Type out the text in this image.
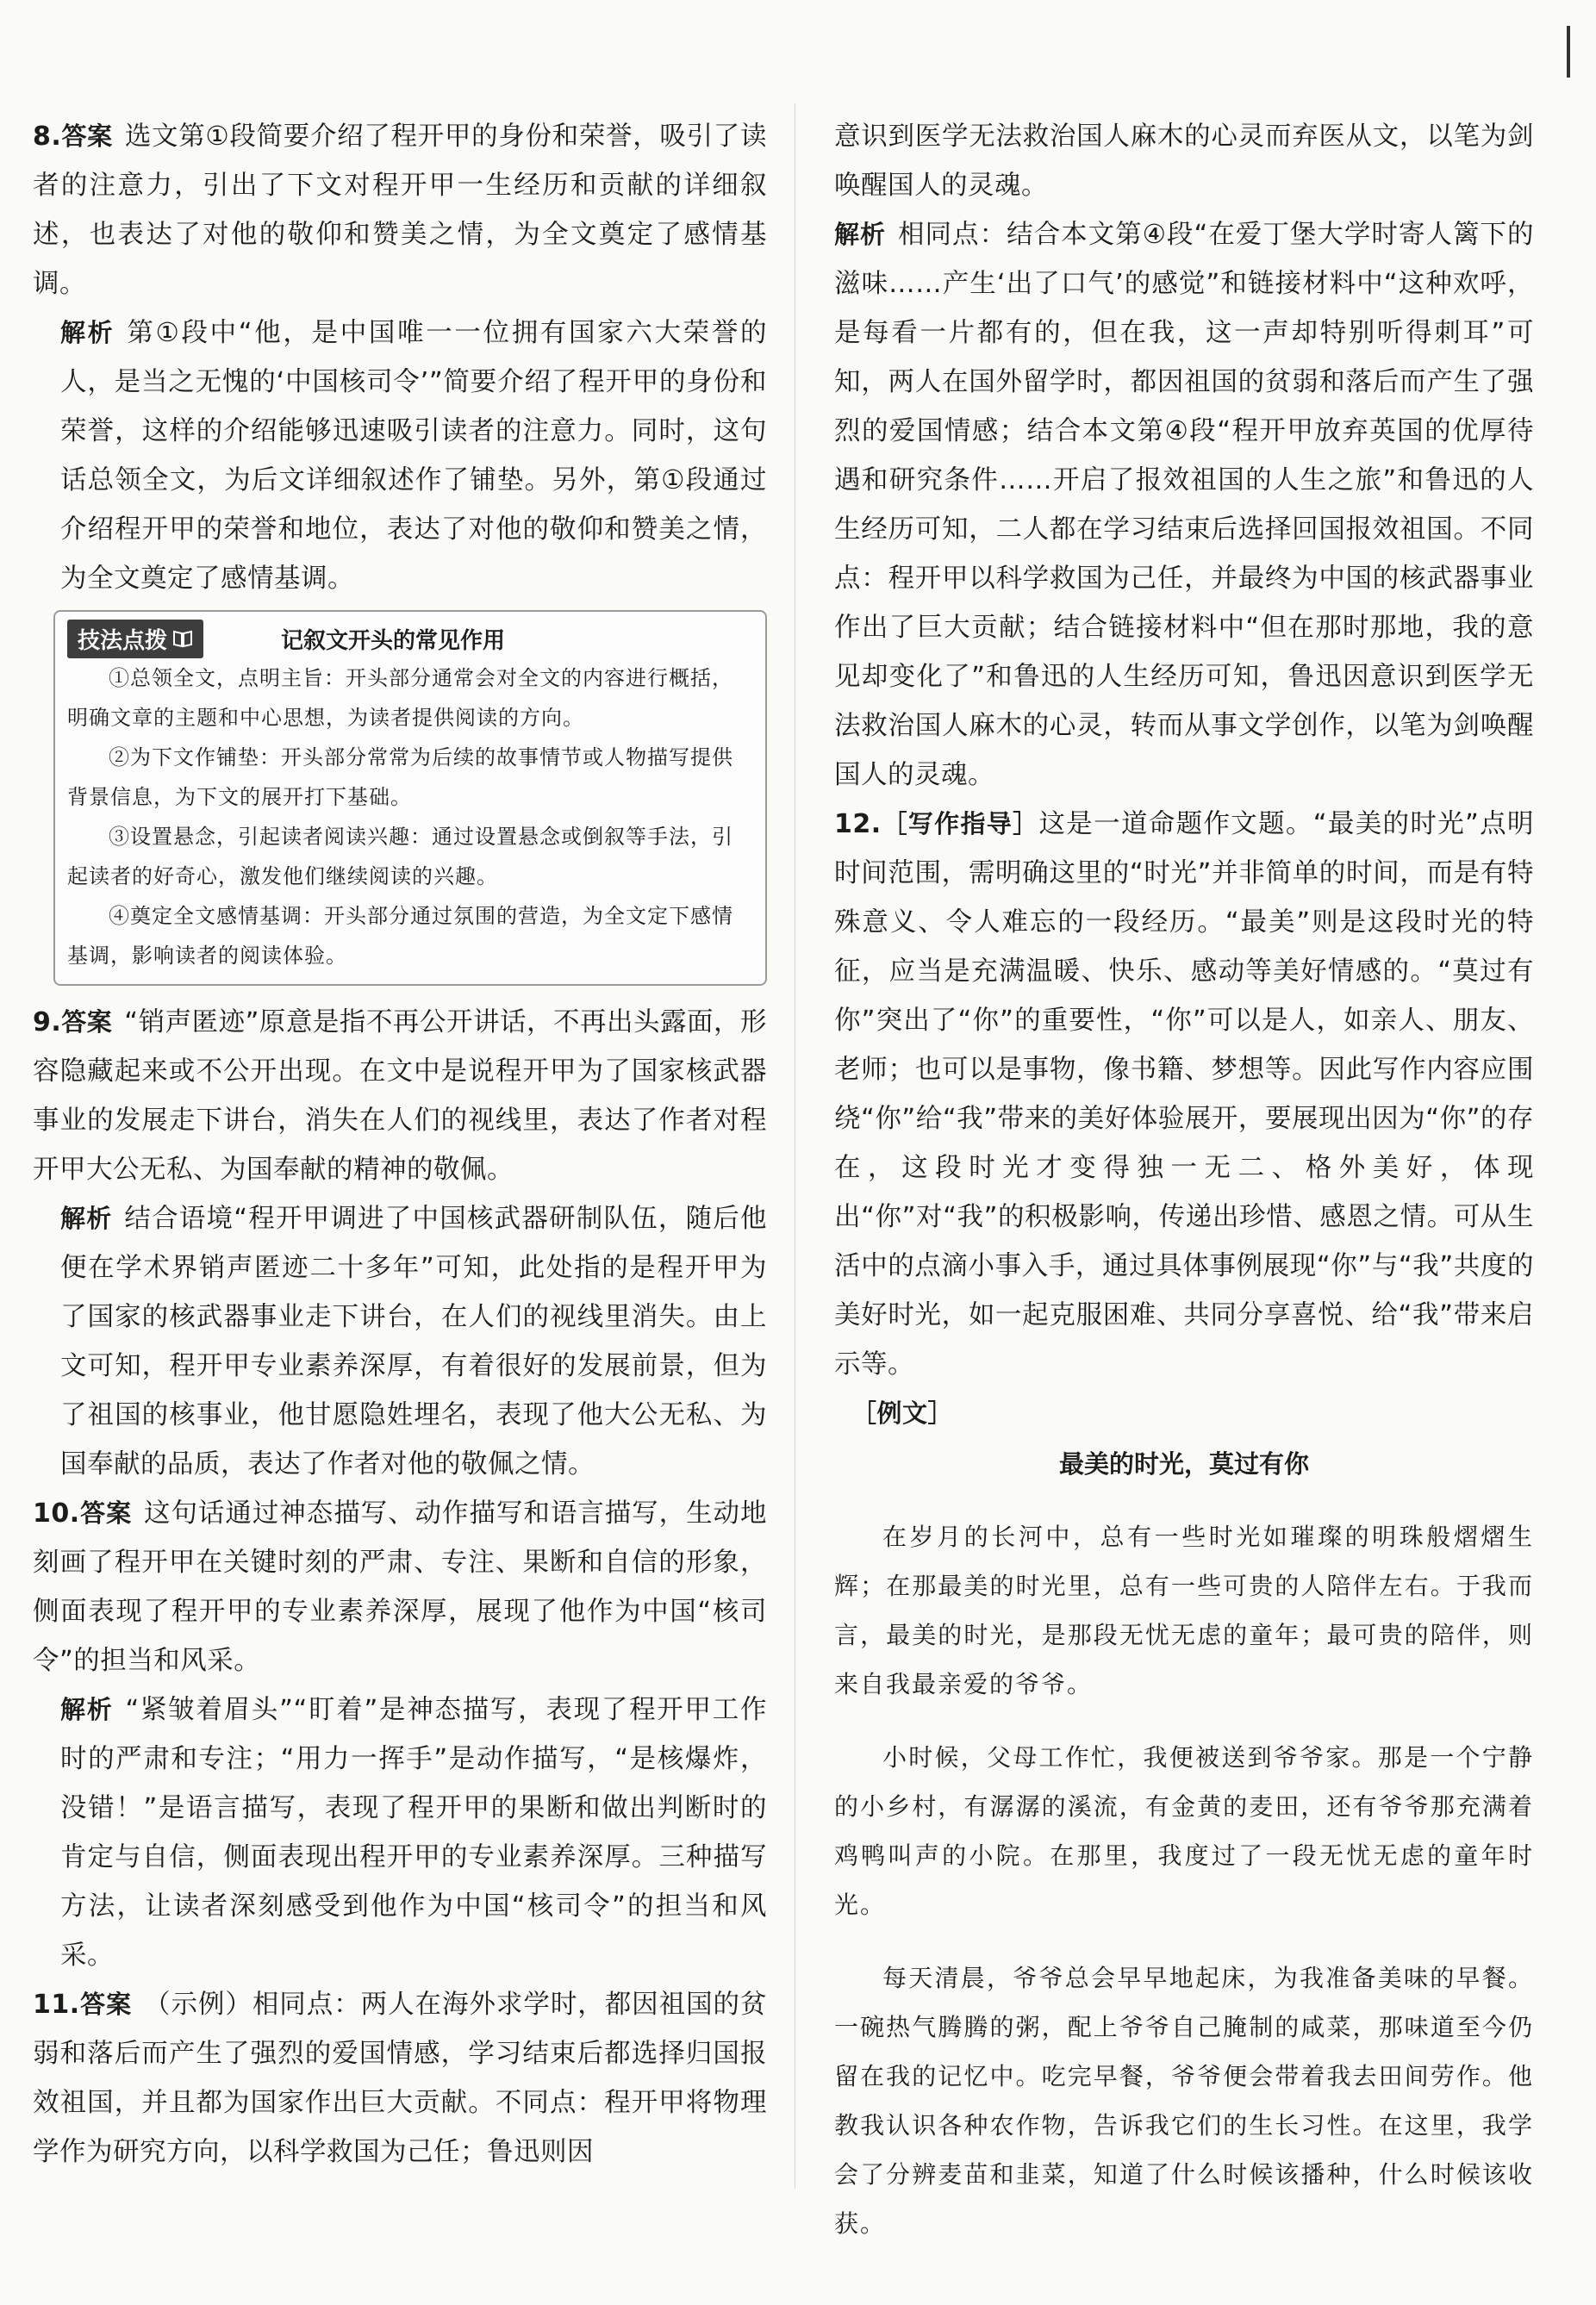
8.答案 选文第①段简要介绍了程开甲的身份和荣誉，吸引了读者的注意力，引出了下文对程开甲一生经历和贡献的详细叙述，也表达了对他的敬仰和赞美之情，为全文奠定了感情基调。

解析 第①段中“他，是中国唯一一位拥有国家六大荣誉的人，是当之无愧的‘中国核司令’”简要介绍了程开甲的身份和荣誉，这样的介绍能够迅速吸引读者的注意力。同时，这句话总领全文，为后文详细叙述作了铺垫。另外，第①段通过介绍程开甲的荣誉和地位，表达了对他的敬仰和赞美之情，为全文奠定了感情基调。

技法点拨	记叙文开头的常见作用
①总领全文，点明主旨：开头部分通常会对全文的内容进行概括，明确文章的主题和中心思想，为读者提供阅读的方向。
②为下文作铺垫：开头部分常常为后续的故事情节或人物描写提供背景信息，为下文的展开打下基础。
③设置悬念，引起读者阅读兴趣：通过设置悬念或倒叙等手法，引起读者的好奇心，激发他们继续阅读的兴趣。
④奠定全文感情基调：开头部分通过氛围的营造，为全文定下感情基调，影响读者的阅读体验。

9.答案 “销声匿迹”原意是指不再公开讲话，不再出头露面，形容隐藏起来或不公开出现。在文中是说程开甲为了国家核武器事业的发展走下讲台，消失在人们的视线里，表达了作者对程开甲大公无私、为国奉献的精神的敬佩。

解析 结合语境“程开甲调进了中国核武器研制队伍，随后他便在学术界销声匿迹二十多年”可知，此处指的是程开甲为了国家的核武器事业走下讲台，在人们的视线里消失。由上文可知，程开甲专业素养深厚，有着很好的发展前景，但为了祖国的核事业，他甘愿隐姓埋名，表现了他大公无私、为国奉献的品质，表达了作者对他的敬佩之情。

10.答案 这句话通过神态描写、动作描写和语言描写，生动地刻画了程开甲在关键时刻的严肃、专注、果断和自信的形象，侧面表现了程开甲的专业素养深厚，展现了他作为中国“核司令”的担当和风采。

解析 “紧皱着眉头”“盯着”是神态描写，表现了程开甲工作时的严肃和专注；“用力一挥手”是动作描写，“是核爆炸，没错！”是语言描写，表现了程开甲的果断和做出判断时的肯定与自信，侧面表现出程开甲的专业素养深厚。三种描写方法，让读者深刻感受到他作为中国“核司令”的担当和风采。

11.答案 （示例）相同点：两人在海外求学时，都因祖国的贫弱和落后而产生了强烈的爱国情感，学习结束后都选择归国报效祖国，并且都为国家作出巨大贡献。不同点：程开甲将物理学作为研究方向，以科学救国为己任；鲁迅则因

意识到医学无法救治国人麻木的心灵而弃医从文，以笔为剑唤醒国人的灵魂。

解析 相同点：结合本文第④段“在爱丁堡大学时寄人篱下的滋味……产生‘出了口气’的感觉”和链接材料中“这种欢呼，是每看一片都有的，但在我，这一声却特别听得刺耳”可知，两人在国外留学时，都因祖国的贫弱和落后而产生了强烈的爱国情感；结合本文第④段“程开甲放弃英国的优厚待遇和研究条件……开启了报效祖国的人生之旅”和鲁迅的人生经历可知，二人都在学习结束后选择回国报效祖国。不同点：程开甲以科学救国为己任，并最终为中国的核武器事业作出了巨大贡献；结合链接材料中“但在那时那地，我的意见却变化了”和鲁迅的人生经历可知，鲁迅因意识到医学无法救治国人麻木的心灵，转而从事文学创作，以笔为剑唤醒国人的灵魂。

12.［写作指导］这是一道命题作文题。“最美的时光”点明时间范围，需明确这里的“时光”并非简单的时间，而是有特殊意义、令人难忘的一段经历。“最美”则是这段时光的特征，应当是充满温暖、快乐、感动等美好情感的。“莫过有你”突出了“你”的重要性，“你”可以是人，如亲人、朋友、老师；也可以是事物，像书籍、梦想等。因此写作内容应围绕“你”给“我”带来的美好体验展开，要展现出因为“你”的存在，这段时光才变得独一无二、格外美好，体现出“你”对“我”的积极影响，传递出珍惜、感恩之情。可从生活中的点滴小事入手，通过具体事例展现“你”与“我”共度的美好时光，如一起克服困难、共同分享喜悦、给“我”带来启示等。

［例文］

最美的时光，莫过有你

在岁月的长河中，总有一些时光如璀璨的明珠般熠熠生辉；在那最美的时光里，总有一些可贵的人陪伴左右。于我而言，最美的时光，是那段无忧无虑的童年；最可贵的陪伴，则来自我最亲爱的爷爷。

小时候，父母工作忙，我便被送到爷爷家。那是一个宁静的小乡村，有潺潺的溪流，有金黄的麦田，还有爷爷那充满着鸡鸭叫声的小院。在那里，我度过了一段无忧无虑的童年时光。

每天清晨，爷爷总会早早地起床，为我准备美味的早餐。一碗热气腾腾的粥，配上爷爷自己腌制的咸菜，那味道至今仍留在我的记忆中。吃完早餐，爷爷便会带着我去田间劳作。他教我认识各种农作物，告诉我它们的生长习性。在这里，我学会了分辨麦苗和韭菜，知道了什么时候该播种，什么时候该收获。
